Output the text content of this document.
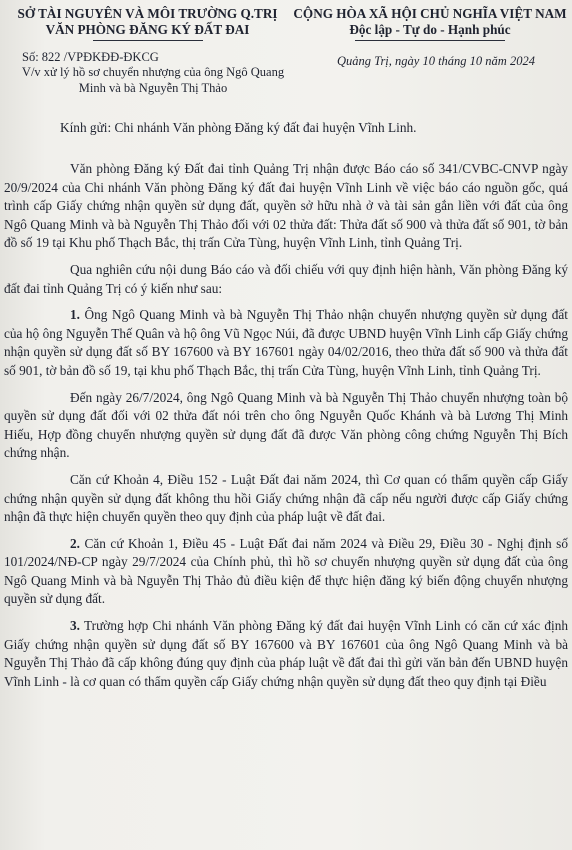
SỞ TÀI NGUYÊN VÀ MÔI TRƯỜNG Q.TRỊ
VĂN PHÒNG ĐĂNG KÝ ĐẤT ĐAI
CỘNG HÒA XÃ HỘI CHỦ NGHĨA VIỆT NAM
Độc lập - Tự do - Hạnh phúc
Số: 822 /VPĐKĐĐ-ĐKCG
V/v xử lý hồ sơ chuyển nhượng của ông Ngô Quang Minh và bà Nguyễn Thị Thảo
Quảng Trị, ngày 10 tháng 10 năm 2024
Kính gửi: Chi nhánh Văn phòng Đăng ký đất đai huyện Vĩnh Linh.

Văn phòng Đăng ký Đất đai tỉnh Quảng Trị nhận được Báo cáo số 341/CVBC-CNVP ngày 20/9/2024 của Chi nhánh Văn phòng Đăng ký đất đai huyện Vĩnh Linh về việc báo cáo nguồn gốc, quá trình cấp Giấy chứng nhận quyền sử dụng đất, quyền sở hữu nhà ở và tài sản gắn liền với đất của ông Ngô Quang Minh và bà Nguyễn Thị Thảo đối với 02 thửa đất: Thửa đất số 900 và thửa đất số 901, tờ bản đồ số 19 tại Khu phố Thạch Bắc, thị trấn Cửa Tùng, huyện Vĩnh Linh, tỉnh Quảng Trị.

Qua nghiên cứu nội dung Báo cáo và đối chiếu với quy định hiện hành, Văn phòng Đăng ký đất đai tỉnh Quảng Trị có ý kiến như sau:

1. Ông Ngô Quang Minh và bà Nguyễn Thị Thảo nhận chuyển nhượng quyền sử dụng đất của hộ ông Nguyễn Thế Quân và hộ ông Vũ Ngọc Núi, đã được UBND huyện Vĩnh Linh cấp Giấy chứng nhận quyền sử dụng đất số BY 167600 và BY 167601 ngày 04/02/2016, theo thửa đất số 900 và thửa đất số 901, tờ bản đồ số 19, tại khu phố Thạch Bắc, thị trấn Cửa Tùng, huyện Vĩnh Linh, tỉnh Quảng Trị.

Đến ngày 26/7/2024, ông Ngô Quang Minh và bà Nguyễn Thị Thảo chuyển nhượng toàn bộ quyền sử dụng đất đối với 02 thửa đất nói trên cho ông Nguyễn Quốc Khánh và bà Lương Thị Minh Hiếu, Hợp đồng chuyển nhượng quyền sử dụng đất đã được Văn phòng công chứng Nguyễn Thị Bích chứng nhận.

Căn cứ Khoản 4, Điều 152 - Luật Đất đai năm 2024, thì Cơ quan có thẩm quyền cấp Giấy chứng nhận quyền sử dụng đất không thu hồi Giấy chứng nhận đã cấp nếu người được cấp Giấy chứng nhận đã thực hiện chuyển quyền theo quy định của pháp luật về đất đai.

2. Căn cứ Khoản 1, Điều 45 - Luật Đất đai năm 2024 và Điều 29, Điều 30 - Nghị định số 101/2024/NĐ-CP ngày 29/7/2024 của Chính phủ, thì hồ sơ chuyển nhượng quyền sử dụng đất của ông Ngô Quang Minh và bà Nguyễn Thị Thảo đủ điều kiện để thực hiện đăng ký biến động chuyển nhượng quyền sử dụng đất.

3. Trường hợp Chi nhánh Văn phòng Đăng ký đất đai huyện Vĩnh Linh có căn cứ xác định Giấy chứng nhận quyền sử dụng đất số BY 167600 và BY 167601 của ông Ngô Quang Minh và bà Nguyễn Thị Thảo đã cấp không đúng quy định của pháp luật về đất đai thì gửi văn bản đến UBND huyện Vĩnh Linh - là cơ quan có thẩm quyền cấp Giấy chứng nhận quyền sử dụng đất theo quy định tại Điều
